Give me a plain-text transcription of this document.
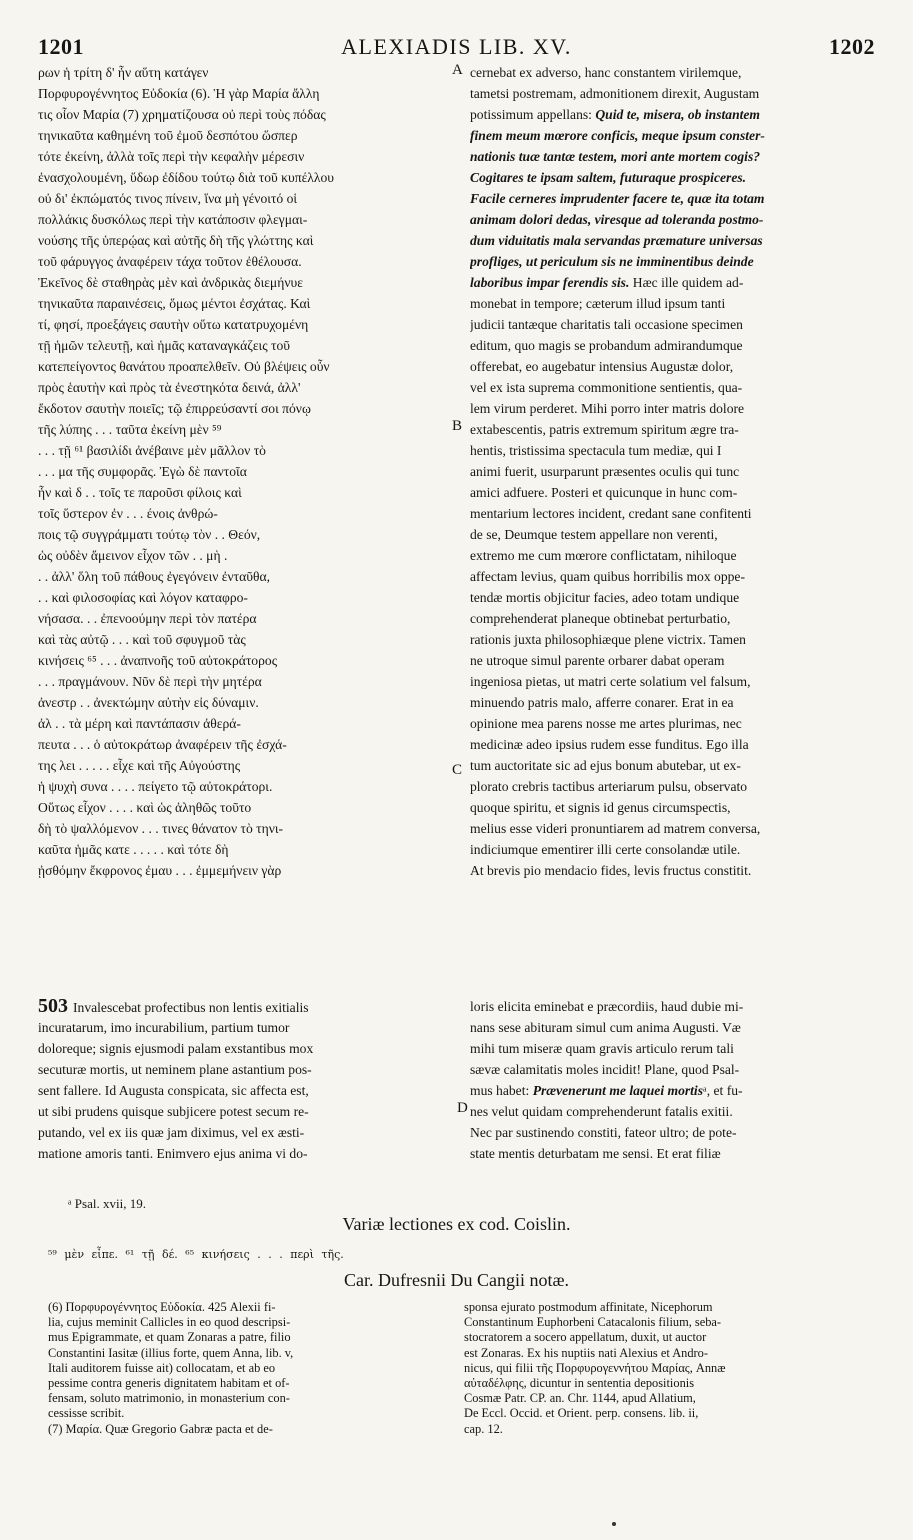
1201	ALEXIADIS LIB. XV.	1202
A
B
C
D
ρων ἡ τρίτη δ' ἦν αὕτη κατάγεν
Πορφυρογέννητος Εὐδοκία (6). Ἡ γὰρ Μαρία ἄλλη
τις οἷον Μαρία (7) χρηματίζουσα οὐ περὶ τοὺς πόδας
τηνικαῦτα καθημένη τοῦ ἐμοῦ δεσπότου ὥσπερ
τότε ἐκείνη, ἀλλὰ τοῖς περὶ τὴν κεφαλὴν μέρεσιν
ἐνασχολουμένη, ὕδωρ ἐδίδου τούτῳ διὰ τοῦ κυπέλλου
οὐ δι' ἐκπώματός τινος πίνειν, ἵνα μὴ γένοιτό οἱ
πολλάκις δυσκόλως περὶ τὴν κατάποσιν φλεγμαι-
νούσης τῆς ὑπερῴας καὶ αὐτῆς δὴ τῆς γλώττης καὶ
τοῦ φάρυγγος ἀναφέρειν τάχα τοῦτον ἐθέλουσα.
Ἐκεῖνος δὲ σταθηρὰς μὲν καὶ ἀνδρικὰς διεμήνυε
τηνικαῦτα παραινέσεις, ὅμως μέντοι ἐσχάτας. Καὶ
τί, φησί, προεξάγεις σαυτὴν οὕτω κατατρυχομένη
τῇ ἡμῶν τελευτῇ, καὶ ἡμᾶς καταναγκάζεις τοῦ
κατεπείγοντος θανάτου προαπελθεῖν. Οὐ βλέψεις οὖν
πρὸς ἑαυτὴν καὶ πρὸς τὰ ἐνεστηκότα δεινά, ἀλλ'
ἔκδοτον σαυτὴν ποιεῖς; τῷ ἐπιρρεύσαντί σοι πόνῳ
τῆς λύπης . . . ταῦτα ἐκείνη μὲν ⁵⁹
. . . τῇ ⁶¹ βασιλίδι ἀνέβαινε μὲν μᾶλλον τὸ
. . . μα τῆς συμφορᾶς. Ἐγὼ δὲ παντοῖα
ἦν καὶ δ . . τοῖς τε παροῦσι φίλοις καὶ
τοῖς ὕστερον ἐν . . . ένοις ἀνθρώ-
ποις τῷ συγγράμματι τούτῳ τὸν . . Θεόν,
ὡς οὐδὲν ἄμεινον εἶχον τῶν . . μὴ .
. . ἀλλ' ὅλη τοῦ πάθους ἐγεγόνειν ἐνταῦθα,
. . καὶ φιλοσοφίας καὶ λόγον καταφρο-
νήσασα. . . ἐπενοούμην περὶ τὸν πατέρα
καὶ τὰς αὐτῷ . . . καὶ τοῦ σφυγμοῦ τὰς
κινήσεις ⁶⁵ . . . ἀναπνοῆς τοῦ αὐτοκράτορος
. . . πραγμάνουν. Νῦν δὲ περὶ τὴν μητέρα
ἀνεστρ . . ἀνεκτώμην αὐτὴν εἰς δύναμιν.
ἀλ . . τὰ μέρη καὶ παντάπασιν ἀθερά-
πευτα . . . ὁ αὐτοκράτωρ ἀναφέρειν τῆς ἐσχά-
της λει . . . . . εἶχε καὶ τῆς Αὐγούστης
ἡ ψυχὴ συνα . . . . πείγετο τῷ αὐτοκράτορι.
Οὕτως εἶχον . . . . καὶ ὡς ἀληθῶς τοῦτο
δὴ τὸ ψαλλόμενον . . . τινες θάνατον τὸ τηνι-
καῦτα ἡμᾶς κατε . . . . . καὶ τότε δὴ
ᾐσθόμην ἔκφρονος ἐμαυ . . . ἐμμεμήνειν γὰρ
cernebat ex adverso, hanc constantem virilemque,
tametsi postremam, admonitionem direxit, Augustam
potissimum appellans: Quid te, misera, ob instantem
finem meum mœrore conficis, meque ipsum conster-
nationis tuæ tantæ testem, mori ante mortem cogis?
Cogitares te ipsam saltem, futuraque prospiceres.
Facile cerneres imprudenter facere te, quæ ita totam
animam dolori dedas, viresque ad toleranda postmo-
dum viduitatis mala servandas præmature universas
profliges, ut periculum sis ne imminentibus deinde
laboribus impar ferendis sis. Hæc ille quidem ad-
monebat in tempore; cæterum illud ipsum tanti
judicii tantæque charitatis tali occasione specimen
editum, quo magis se probandum admirandumque
offerebat, eo augebatur intensius Augustæ dolor,
vel ex ista suprema commonitione sentientis, qua-
lem virum perderet. Mihi porro inter matris dolore
extabescentis, patris extremum spiritum ægre tra-
hentis, tristissima spectacula tum mediæ, qui I
animi fuerit, usurparunt præsentes oculis qui tunc
amici adfuere. Posteri et quicunque in hunc com-
mentarium lectores incident, credant sane confitenti
de se, Deumque testem appellare non verenti,
extremo me cum mœrore conflictatam, nihiloque
affectam levius, quam quibus horribilis mox oppe-
tendæ mortis objicitur facies, adeo totam undique
comprehenderat planeque obtinebat perturbatio,
rationis juxta philosophiæque plene victrix. Tamen
ne utroque simul parente orbarer dabat operam
ingeniosa pietas, ut matri certe solatium vel falsum,
minuendo patris malo, afferre conarer. Erat in ea
opinione mea parens nosse me artes plurimas, nec
medicinæ adeo ipsius rudem esse funditus. Ego illa
tum auctoritate sic ad ejus bonum abutebar, ut ex-
plorato crebris tactibus arteriarum pulsu, observato
quoque spiritu, et signis id genus circumspectis,
melius esse videri pronuntiarem ad matrem conversa,
indiciumque ementirer illi certe consolandæ utile.
At brevis pio mendacio fides, levis fructus constitit.
503 Invalescebat profectibus non lentis exitialis
incuratarum, imo incurabilium, partium tumor
doloreque; signis ejusmodi palam exstantibus mox
secuturæ mortis, ut neminem plane astantium pos-
sent fallere. Id Augusta conspicata, sic affecta est,
ut sibi prudens quisque subjicere potest secum re-
putando, vel ex iis quæ jam diximus, vel ex æsti-
matione amoris tanti. Enimvero ejus anima vi do-
loris elicita eminebat e præcordiis, haud dubie mi-
nans sese abituram simul cum anima Augusti. Væ
mihi tum miseræ quam gravis articulo rerum tali
sævæ calamitatis moles incidit! Plane, quod Psal-
mus habet: Prævenerunt me laquei mortisᵃ, et fu-
nes velut quidam comprehenderunt fatalis exitii.
Nec par sustinendo constiti, fateor ultro; de pote-
state mentis deturbatam me sensi. Et erat filiæ
ᵃ Psal. xvii, 19.
Variæ lectiones ex cod. Coislin.
⁵⁹ μὲν εἶπε. ⁶¹ τῇ δέ. ⁶⁵ κινήσεις . . . περὶ τῆς.
Car. Dufresnii Du Cangii notæ.
(6) Πορφυρογέννητος Εὐδοκία. 425 Alexii fi-
lia, cujus meminit Callicles in eo quod descripsi-
mus Epigrammate, et quam Zonaras a patre, filio
Constantini Iasitæ (illius forte, quem Anna, lib. v,
Itali auditorem fuisse ait) collocatam, et ab eo
pessime contra generis dignitatem habitam et of-
fensam, soluto matrimonio, in monasterium con-
cessisse scribit.
(7) Μαρία. Quæ Gregorio Gabræ pacta et de-
sponsa ejurato postmodum affinitate, Nicephorum
Constantinum Euphorbeni Catacalonis filium, seba-
stocratorem a socero appellatum, duxit, ut auctor
est Zonaras. Ex his nuptiis nati Alexius et Andro-
nicus, qui filii τῆς Πορφυρογεννήτου Μαρίας, Annæ
αὐταδέλφης, dicuntur in sententia depositionis
Cosmæ Patr. CP. an. Chr. 1144, apud Allatium,
De Eccl. Occid. et Orient. perp. consens. lib. ii,
cap. 12.
